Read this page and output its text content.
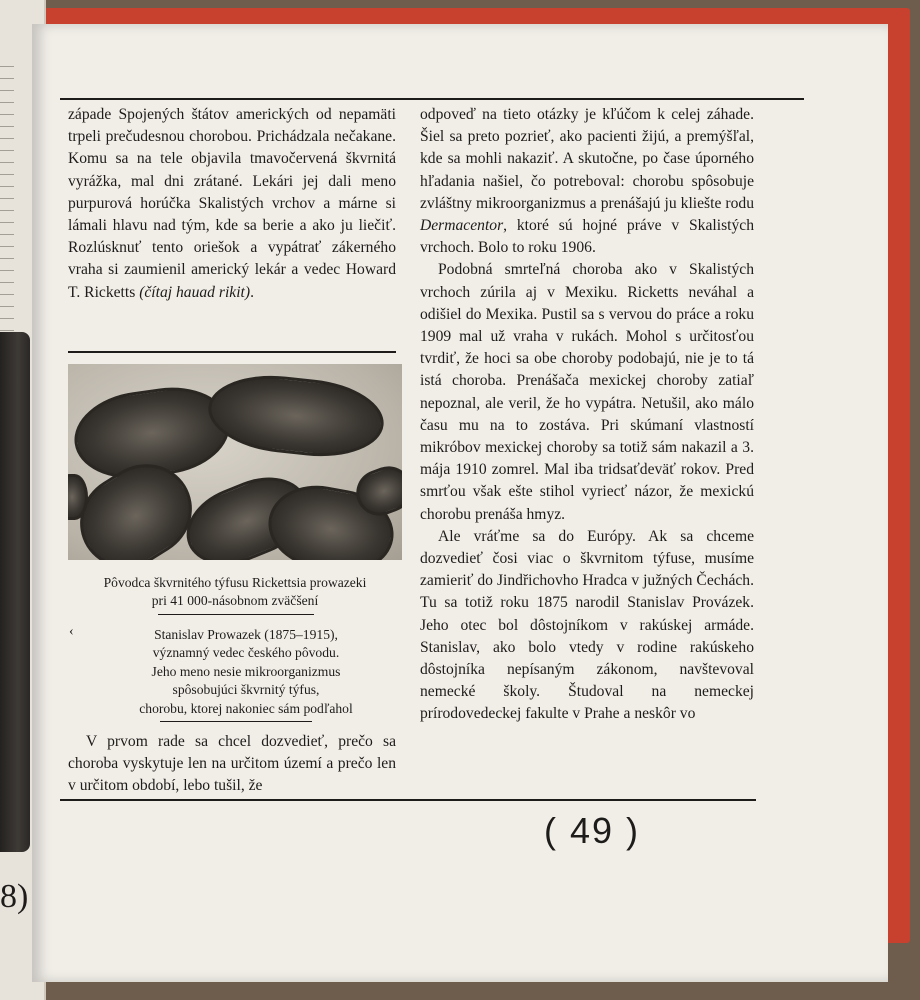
8)

západe Spojených štátov amerických od nepamäti trpeli prečudesnou chorobou. Prichádzala nečakane. Komu sa na tele objavila tmavočervená škvrnitá vyrážka, mal dni zrátané. Lekári jej dali meno purpurová horúčka Skalistých vrchov a márne si lámali hlavu nad tým, kde sa berie a ako ju liečiť. Rozlúsknuť tento oriešok a vypátrať zákerného vraha si zaumienil americký lekár a vedec Howard T. Ricketts (čítaj hauad rikit).

Pôvodca škvrnitého týfusu Rickettsia prowazeki
pri 41 000-násobnom zväčšení
‹	Stanislav Prowazek (1875–1915),
významný vedec českého pôvodu.
Jeho meno nesie mikroorganizmus
spôsobujúci škvrnitý týfus,
chorobu, ktorej nakoniec sám podľahol

V prvom rade sa chcel dozvedieť, prečo sa choroba vyskytuje len na určitom území a prečo len v určitom období, lebo tušil, že

odpoveď na tieto otázky je kľúčom k celej záhade. Šiel sa preto pozrieť, ako pacienti žijú, a premýšľal, kde sa mohli nakaziť. A skutočne, po čase úporného hľadania našiel, čo potreboval: chorobu spôsobuje zvláštny mikroorganizmus a prenášajú ju kliešte rodu Dermacentor, ktoré sú hojné práve v Skalistých vrchoch. Bolo to roku 1906.

Podobná smrteľná choroba ako v Skalistých vrchoch zúrila aj v Mexiku. Ricketts neváhal a odišiel do Mexika. Pustil sa s vervou do práce a roku 1909 mal už vraha v rukách. Mohol s určitosťou tvrdiť, že hoci sa obe choroby podobajú, nie je to tá istá choroba. Prenášača mexickej choroby zatiaľ nepoznal, ale veril, že ho vypátra. Netušil, ako málo času mu na to zostáva. Pri skúmaní vlastností mikróbov mexickej choroby sa totiž sám nakazil a 3. mája 1910 zomrel. Mal iba tridsaťdeväť rokov. Pred smrťou však ešte stihol vyriecť názor, že mexickú chorobu prenáša hmyz.

Ale vráťme sa do Európy. Ak sa chceme dozvedieť čosi viac o škvrnitom týfuse, musíme zamieriť do Jindřichovho Hradca v južných Čechách. Tu sa totiž roku 1875 narodil Stanislav Provázek. Jeho otec bol dôstojníkom v rakúskej armáde. Stanislav, ako bolo vtedy v rodine rakúskeho dôstojníka nepísaným zákonom, navštevoval nemecké školy. Študoval na nemeckej prírodovedeckej fakulte v Prahe a neskôr vo

( 49 )
